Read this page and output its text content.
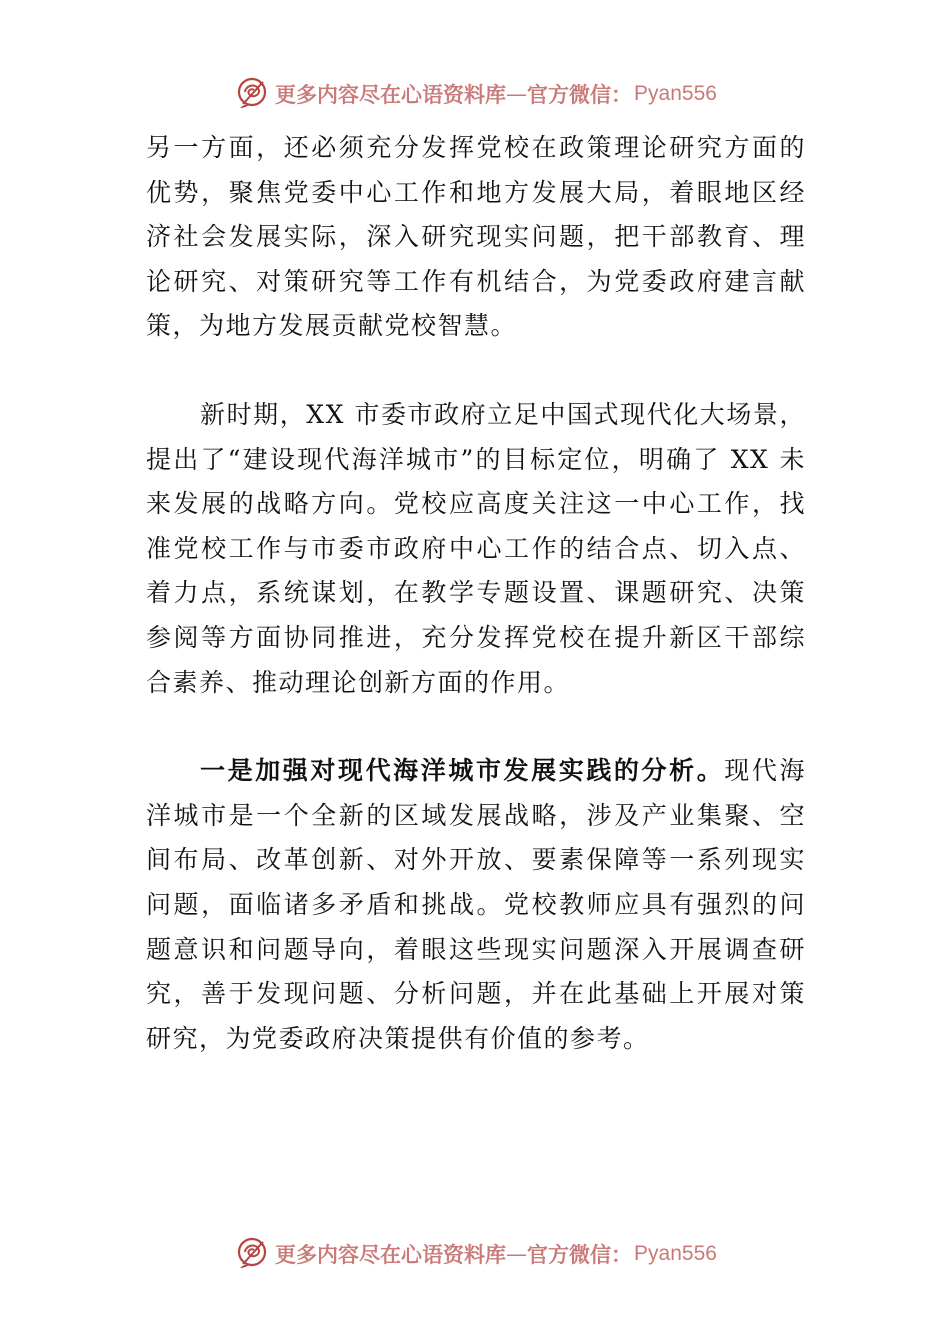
更多内容尽在心语资料库 — 官方微信： Pyan556

另一方面，还必须充分发挥党校在政策理论研究方面的优势，聚焦党委中心工作和地方发展大局，着眼地区经济社会发展实际，深入研究现实问题，把干部教育、理论研究、对策研究等工作有机结合，为党委政府建言献策，为地方发展贡献党校智慧。

新时期，XX 市委市政府立足中国式现代化大场景，提出了“建设现代海洋城市”的目标定位，明确了 XX 未来发展的战略方向。党校应高度关注这一中心工作，找准党校工作与市委市政府中心工作的结合点、切入点、着力点，系统谋划，在教学专题设置、课题研究、决策参阅等方面协同推进，充分发挥党校在提升新区干部综合素养、推动理论创新方面的作用。

一是加强对现代海洋城市发展实践的分析。现代海洋城市是一个全新的区域发展战略，涉及产业集聚、空间布局、改革创新、对外开放、要素保障等一系列现实问题，面临诸多矛盾和挑战。党校教师应具有强烈的问题意识和问题导向，着眼这些现实问题深入开展调查研究，善于发现问题、分析问题，并在此基础上开展对策研究，为党委政府决策提供有价值的参考。

更多内容尽在心语资料库 — 官方微信： Pyan556
